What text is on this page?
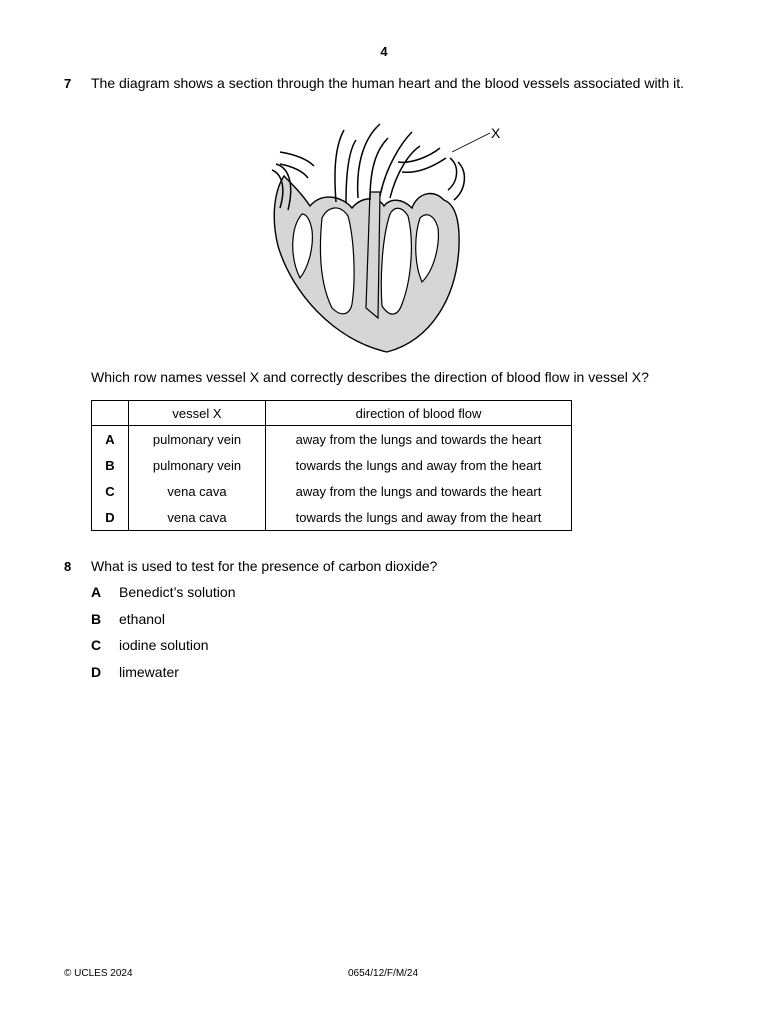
4
7 The diagram shows a section through the human heart and the blood vessels associated with it.
X
Which row names vessel X and correctly describes the direction of blood flow in vessel X?
	vessel X	direction of blood flow
A	pulmonary vein	away from the lungs and towards the heart
B	pulmonary vein	towards the lungs and away from the heart
C	vena cava	away from the lungs and towards the heart
D	vena cava	towards the lungs and away from the heart
8 What is used to test for the presence of carbon dioxide?
A	Benedict’s solution
B	ethanol
C	iodine solution
D	limewater
© UCLES 2024	0654/12/F/M/24
